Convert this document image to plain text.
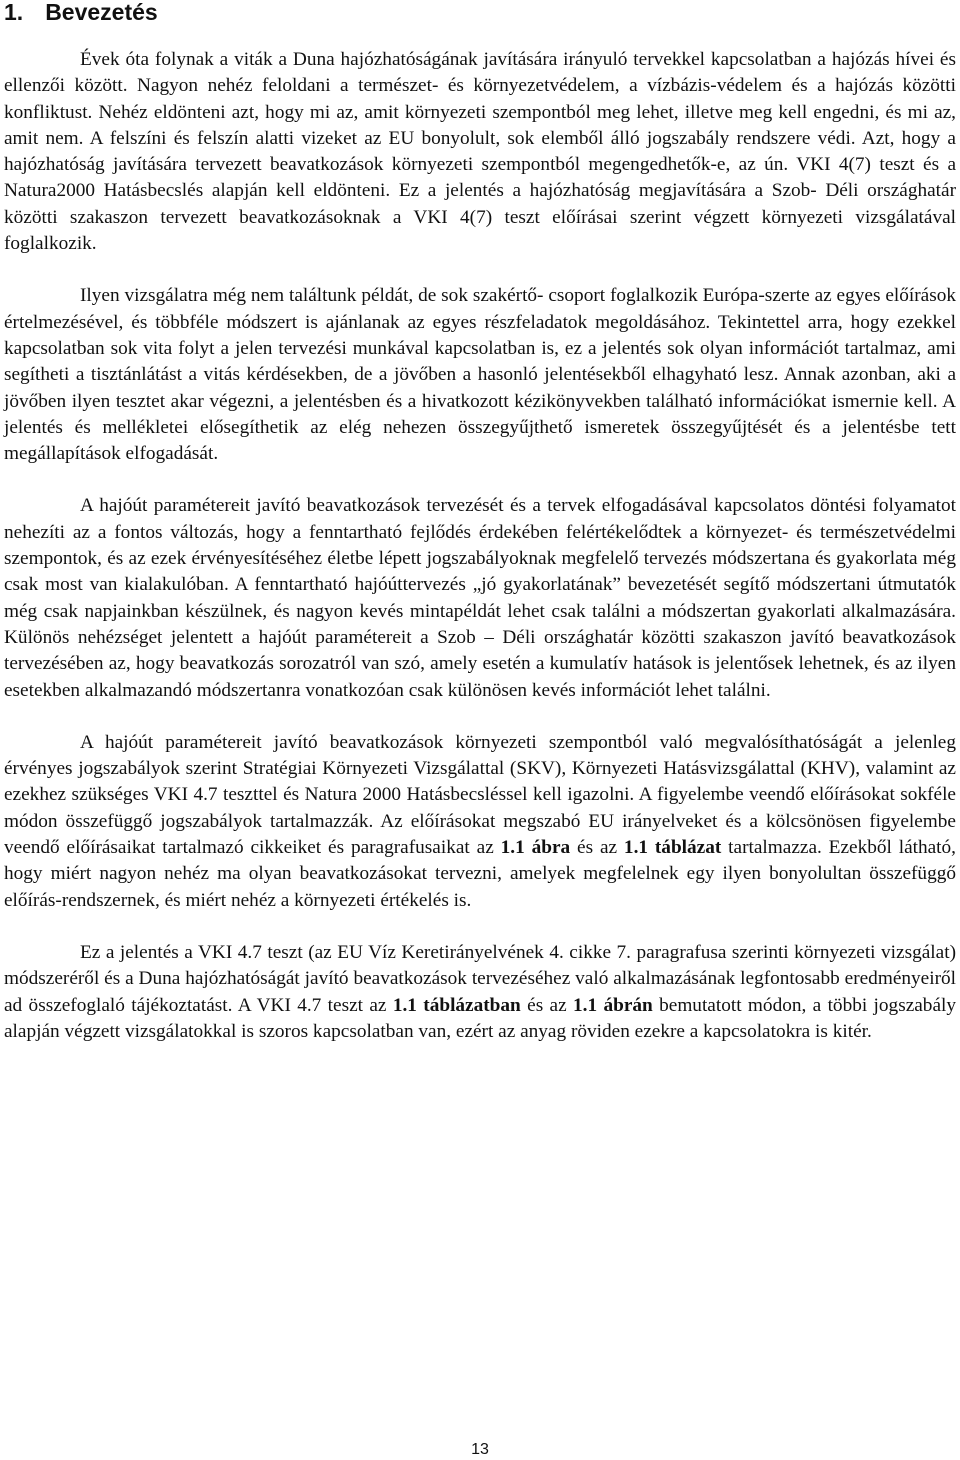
1. Bevezetés

Évek óta folynak a viták a Duna hajózhatóságának javítására irányuló tervekkel kapcsolatban a hajózás hívei és ellenzői között. Nagyon nehéz feloldani a természet- és környezetvédelem, a vízbázis-védelem és a hajózás közötti konfliktust. Nehéz eldönteni azt, hogy mi az, amit környezeti szempontból meg lehet, illetve meg kell engedni, és mi az, amit nem. A felszíni és felszín alatti vizeket az EU bonyolult, sok elemből álló jogszabály rendszere védi. Azt, hogy a hajózhatóság javítására tervezett beavatkozások környezeti szempontból megengedhetők-e, az ún. VKI 4(7) teszt és a Natura2000 Hatásbecslés alapján kell eldönteni. Ez a jelentés a hajózhatóság megjavítására a Szob- Déli országhatár közötti szakaszon tervezett beavatkozásoknak a VKI 4(7) teszt előírásai szerint végzett környezeti vizsgálatával foglalkozik.

Ilyen vizsgálatra még nem találtunk példát, de sok szakértő- csoport foglalkozik Európa-szerte az egyes előírások értelmezésével, és többféle módszert is ajánlanak az egyes részfeladatok megoldásához. Tekintettel arra, hogy ezekkel kapcsolatban sok vita folyt a jelen tervezési munkával kapcsolatban is, ez a jelentés sok olyan információt tartalmaz, ami segítheti a tisztánlátást a vitás kérdésekben, de a jövőben a hasonló jelentésekből elhagyható lesz. Annak azonban, aki a jövőben ilyen tesztet akar végezni, a jelentésben és a hivatkozott kézikönyvekben található információkat ismernie kell. A jelentés és mellékletei elősegíthetik az elég nehezen összegyűjthető ismeretek összegyűjtését és a jelentésbe tett megállapítások elfogadását.

A hajóút paramétereit javító beavatkozások tervezését és a tervek elfogadásával kapcsolatos döntési folyamatot nehezíti az a fontos változás, hogy a fenntartható fejlődés érdekében felértékelődtek a környezet- és természetvédelmi szempontok, és az ezek érvényesítéséhez életbe lépett jogszabályoknak megfelelő tervezés módszertana és gyakorlata még csak most van kialakulóban. A fenntartható hajóúttervezés „jó gyakorlatának” bevezetését segítő módszertani útmutatók még csak napjainkban készülnek, és nagyon kevés mintapéldát lehet csak találni a módszertan gyakorlati alkalmazására. Különös nehézséget jelentett a hajóút paramétereit a Szob – Déli országhatár közötti szakaszon javító beavatkozások tervezésében az, hogy beavatkozás sorozatról van szó, amely esetén a kumulatív hatások is jelentősek lehetnek, és az ilyen esetekben alkalmazandó módszertanra vonatkozóan csak különösen kevés információt lehet találni.

A hajóút paramétereit javító beavatkozások környezeti szempontból való megvalósíthatóságát a jelenleg érvényes jogszabályok szerint Stratégiai Környezeti Vizsgálattal (SKV), Környezeti Hatásvizsgálattal (KHV), valamint az ezekhez szükséges VKI 4.7 teszttel és Natura 2000 Hatásbecsléssel kell igazolni. A figyelembe veendő előírásokat sokféle módon összefüggő jogszabályok tartalmazzák. Az előírásokat megszabó EU irányelveket és a kölcsönösen figyelembe veendő előírásaikat tartalmazó cikkeiket és paragrafusaikat az 1.1 ábra és az 1.1 táblázat tartalmazza. Ezekből látható, hogy miért nagyon nehéz ma olyan beavatkozásokat tervezni, amelyek megfelelnek egy ilyen bonyolultan összefüggő előírás-rendszernek, és miért nehéz a környezeti értékelés is.

Ez a jelentés a VKI 4.7 teszt (az EU Víz Keretirányelvének 4. cikke 7. paragrafusa szerinti környezeti vizsgálat) módszeréről és a Duna hajózhatóságát javító beavatkozások tervezéséhez való alkalmazásának legfontosabb eredményeiről ad összefoglaló tájékoztatást. A VKI 4.7 teszt az 1.1 táblázatban és az 1.1 ábrán bemutatott módon, a többi jogszabály alapján végzett vizsgálatokkal is szoros kapcsolatban van, ezért az anyag röviden ezekre a kapcsolatokra is kitér.

13
